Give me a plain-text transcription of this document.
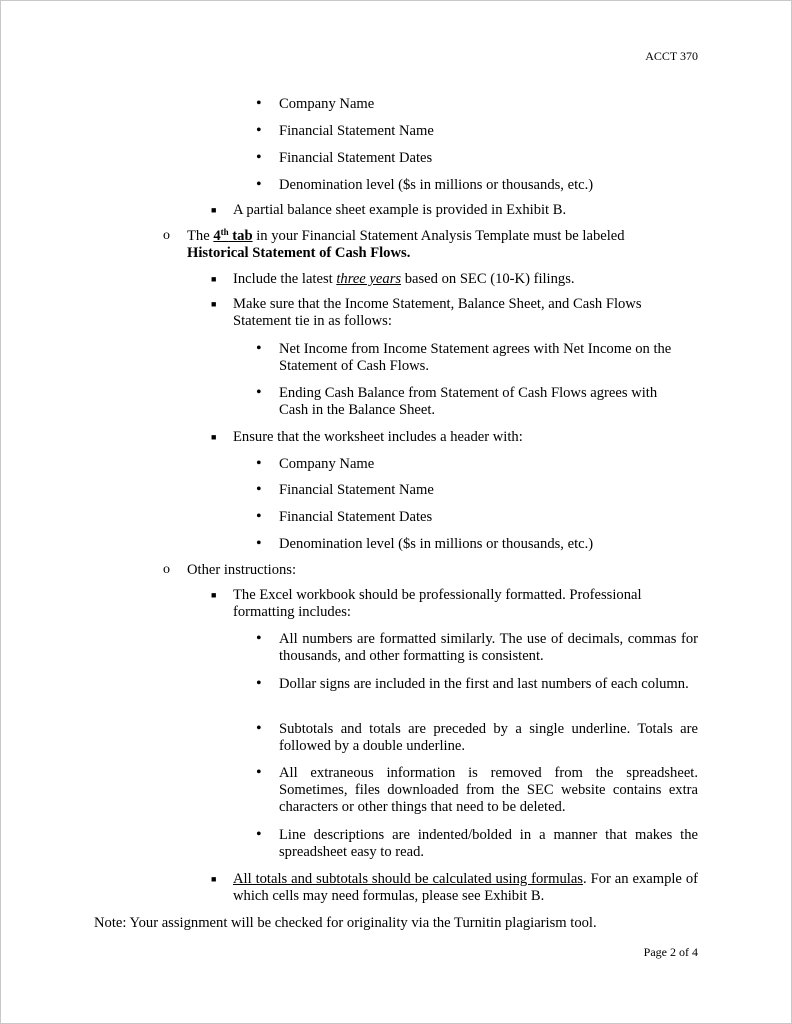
ACCT 370
• Company Name
• Financial Statement Name
• Financial Statement Dates
• Denomination level ($s in millions or thousands, etc.)
■ A partial balance sheet example is provided in Exhibit B.
o The 4th tab in your Financial Statement Analysis Template must be labeled
Historical Statement of Cash Flows.
■ Include the latest three years based on SEC (10-K) filings.
■ Make sure that the Income Statement, Balance Sheet, and Cash Flows
Statement tie in as follows:
• Net Income from Income Statement agrees with Net Income on the
Statement of Cash Flows.
• Ending Cash Balance from Statement of Cash Flows agrees with
Cash in the Balance Sheet.
■ Ensure that the worksheet includes a header with:
• Company Name
• Financial Statement Name
• Financial Statement Dates
• Denomination level ($s in millions or thousands, etc.)
o Other instructions:
■ The Excel workbook should be professionally formatted. Professional
formatting includes:
• All numbers are formatted similarly. The use of decimals, commas for thousands, and other formatting is consistent.
• Dollar signs are included in the first and last numbers of each column.
• Subtotals and totals are preceded by a single underline. Totals are followed by a double underline.
• All extraneous information is removed from the spreadsheet. Sometimes, files downloaded from the SEC website contains extra characters or other things that need to be deleted.
• Line descriptions are indented/bolded in a manner that makes the spreadsheet easy to read.
■ All totals and subtotals should be calculated using formulas. For an example of which cells may need formulas, please see Exhibit B.
Note: Your assignment will be checked for originality via the Turnitin plagiarism tool.
Page 2 of 4
